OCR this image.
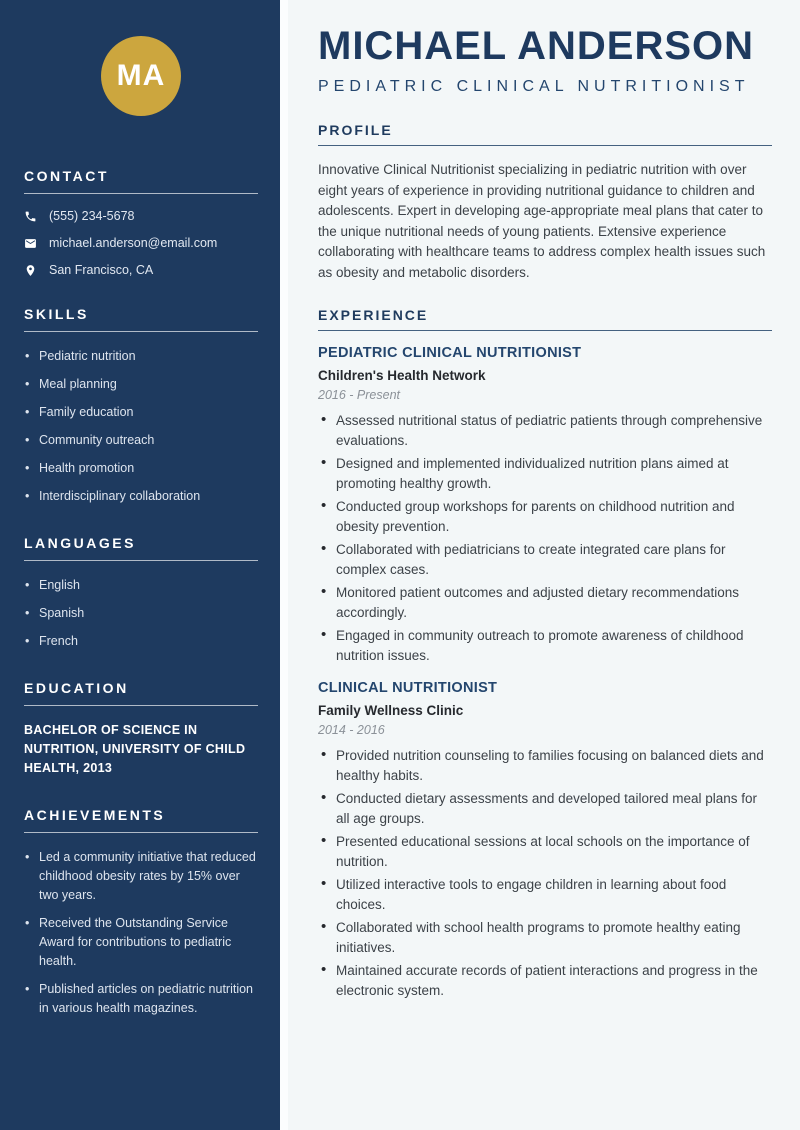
MA
CONTACT
(555) 234-5678
michael.anderson@email.com
San Francisco, CA
SKILLS
• Pediatric nutrition
• Meal planning
• Family education
• Community outreach
• Health promotion
• Interdisciplinary collaboration
LANGUAGES
• English
• Spanish
• French
EDUCATION

BACHELOR OF SCIENCE IN NUTRITION, UNIVERSITY OF CHILD HEALTH, 2013

ACHIEVEMENTS
• Led a community initiative that reduced childhood obesity rates by 15% over two years.
• Received the Outstanding Service Award for contributions to pediatric health.
• Published articles on pediatric nutrition in various health magazines.
MICHAEL ANDERSON
PEDIATRIC CLINICAL NUTRITIONIST
PROFILE

Innovative Clinical Nutritionist specializing in pediatric nutrition with over eight years of experience in providing nutritional guidance to children and adolescents. Expert in developing age-appropriate meal plans that cater to the unique nutritional needs of young patients. Extensive experience collaborating with healthcare teams to address complex health issues such as obesity and metabolic disorders.

EXPERIENCE
PEDIATRIC CLINICAL NUTRITIONIST
Children's Health Network
2016 - Present
• Assessed nutritional status of pediatric patients through comprehensive evaluations.
• Designed and implemented individualized nutrition plans aimed at promoting healthy growth.
• Conducted group workshops for parents on childhood nutrition and obesity prevention.
• Collaborated with pediatricians to create integrated care plans for complex cases.
• Monitored patient outcomes and adjusted dietary recommendations accordingly.
• Engaged in community outreach to promote awareness of childhood nutrition issues.
CLINICAL NUTRITIONIST
Family Wellness Clinic
2014 - 2016
• Provided nutrition counseling to families focusing on balanced diets and healthy habits.
• Conducted dietary assessments and developed tailored meal plans for all age groups.
• Presented educational sessions at local schools on the importance of nutrition.
• Utilized interactive tools to engage children in learning about food choices.
• Collaborated with school health programs to promote healthy eating initiatives.
• Maintained accurate records of patient interactions and progress in the electronic system.
